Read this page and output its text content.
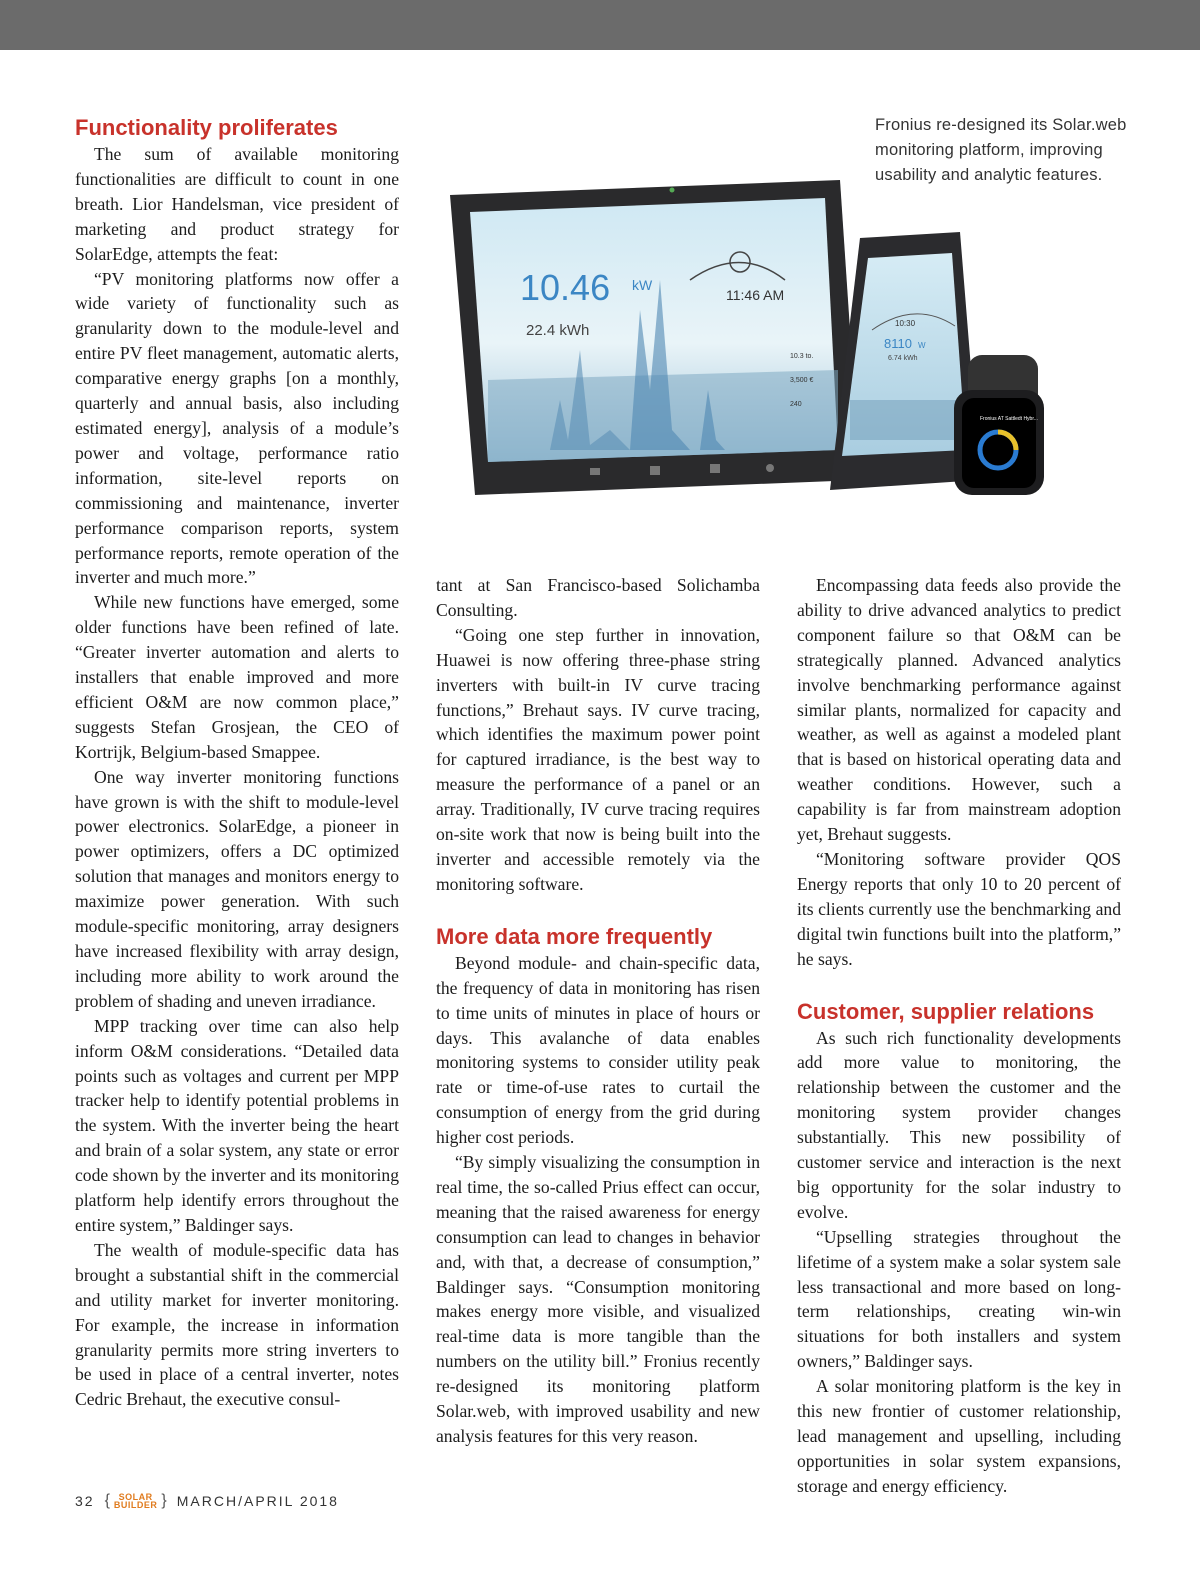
Functionality proliferates

The sum of available monitoring functionalities are difficult to count in one breath. Lior Handelsman, vice president of marketing and product strategy for SolarEdge, attempts the feat:

“PV monitoring platforms now offer a wide variety of functionality such as granularity down to the module-level and entire PV fleet management, automatic alerts, comparative energy graphs [on a monthly, quarterly and annual basis, also including estimated energy], analysis of a module’s power and voltage, performance ratio information, site-level reports on commissioning and maintenance, inverter performance comparison reports, system performance reports, remote operation of the inverter and much more.”

While new functions have emerged, some older functions have been refined of late. “Greater inverter automation and alerts to installers that enable improved and more efficient O&M are now common place,” suggests Stefan Grosjean, the CEO of Kortrijk, Belgium-based Smappee.

One way inverter monitoring functions have grown is with the shift to module-level power electronics. SolarEdge, a pioneer in power optimizers, offers a DC optimized solution that manages and monitors energy to maximize power generation. With such module-specific monitoring, array designers have increased flexibility with array design, including more ability to work around the problem of shading and uneven irradiance.

MPP tracking over time can also help inform O&M considerations. “Detailed data points such as voltages and current per MPP tracker help to identify potential problems in the system. With the inverter being the heart and brain of a solar system, any state or error code shown by the inverter and its monitoring platform help identify errors throughout the entire system,” Baldinger says.

The wealth of module-specific data has brought a substantial shift in the commercial and utility market for inverter monitoring. For example, the increase in information granularity permits more string inverters to be used in place of a central inverter, notes Cedric Brehaut, the executive consul-

Fronius re-designed its Solar.web monitoring platform, improving usability and analytic features.
10.46 kW
22.4 kWh
11:46 AM
10.3 to.
3,500 €
240
10:30
8110 W
6.74 kWh
Fronius AT Sattledt Hybr...

tant at San Francisco-based Solichamba Consulting.

“Going one step further in innovation, Huawei is now offering three-phase string inverters with built-in IV curve tracing functions,” Brehaut says. IV curve tracing, which identifies the maximum power point for captured irradiance, is the best way to measure the performance of a panel or an array. Traditionally, IV curve tracing requires on-site work that now is being built into the inverter and accessible remotely via the monitoring software.

More data more frequently

Beyond module- and chain-specific data, the frequency of data in monitoring has risen to time units of minutes in place of hours or days. This avalanche of data enables monitoring systems to consider utility peak rate or time-of-use rates to curtail the consumption of energy from the grid during higher cost periods.

“By simply visualizing the consumption in real time, the so-called Prius effect can occur, meaning that the raised awareness for energy consumption can lead to changes in behavior and, with that, a decrease of consumption,” Baldinger says. “Consumption monitoring makes energy more visible, and visualized real-time data is more tangible than the numbers on the utility bill.” Fronius recently re-designed its monitoring platform Solar.web, with improved usability and new analysis features for this very reason.

Encompassing data feeds also provide the ability to drive advanced analytics to predict component failure so that O&M can be strategically planned. Advanced analytics involve benchmarking performance against similar plants, normalized for capacity and weather, as well as against a modeled plant that is based on historical operating data and weather conditions. However, such a capability is far from mainstream adoption yet, Brehaut suggests.

“Monitoring software provider QOS Energy reports that only 10 to 20 percent of its clients currently use the benchmarking and digital twin functions built into the platform,” he says.

Customer, supplier relations

As such rich functionality developments add more value to monitoring, the relationship between the customer and the monitoring system provider changes substantially. This new possibility of customer service and interaction is the next big opportunity for the solar industry to evolve.

“Upselling strategies throughout the lifetime of a system make a solar system sale less transactional and more based on long-term relationships, creating win-win situations for both installers and system owners,” Baldinger says.

A solar monitoring platform is the key in this new frontier of customer relationship, lead management and upselling, including opportunities in solar system expansions, storage and energy efficiency.

32 { SOLAR
BUILDER } MARCH/APRIL 2018
